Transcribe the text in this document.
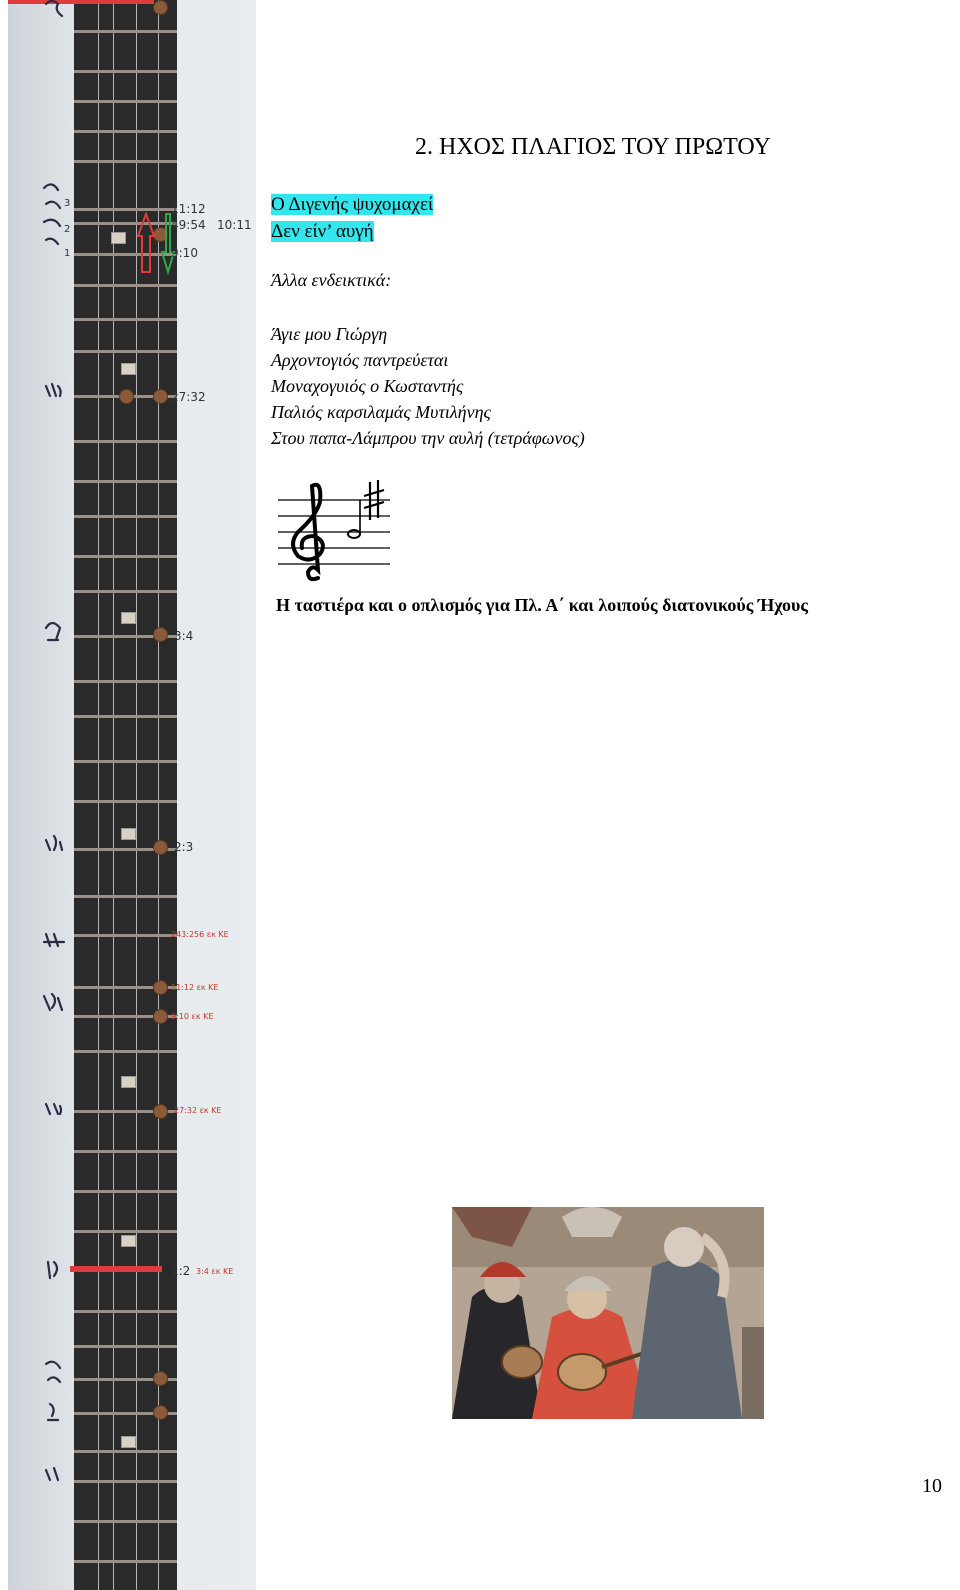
11:12
49:54 10:11
9:10
27:32
3:4
2:3
243:256 εκ ΚΕ
11:12 εκ ΚΕ
9:10 εκ ΚΕ
27:32 εκ ΚΕ
1:2 3:4 εκ ΚΕ
3
2
1
2. ΗΧΟΣ ΠΛΑΓΙΟΣ ΤΟΥ ΠΡΩΤΟΥ
Ο Διγενής ψυχομαχεί
Δεν είν’ αυγή
Άλλα ενδεικτικά:
Άγιε μου Γιώργη
Αρχοντογιός παντρεύεται
Μοναχογυιός ο Κωσταντής
Παλιός καρσιλαμάς Μυτιλήνης
Στου παπα-Λάμπρου την αυλή (τετράφωνος)
Η ταστιέρα και ο οπλισμός για Πλ. Α΄ και λοιπούς διατονικούς Ήχους
10
